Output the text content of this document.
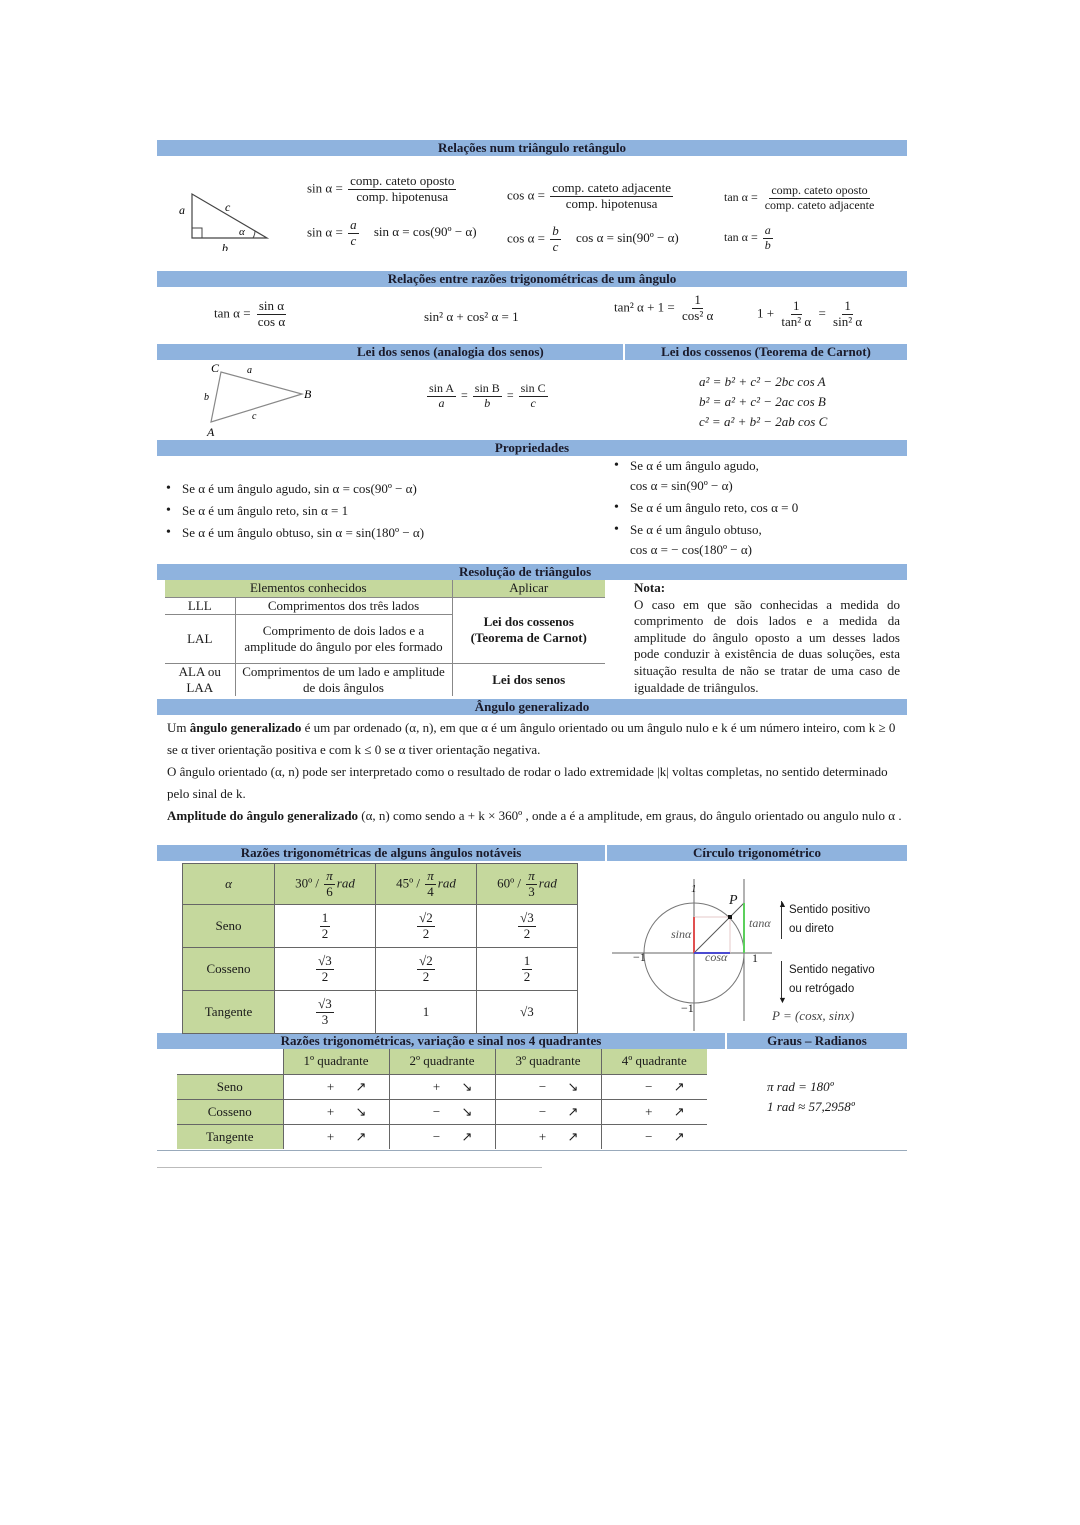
Relações num triângulo retângulo
a	c
b
α
$\sin \alpha = \frac{\text{comp. cateto oposto}}{\text{comp. hipotenusa}}$	$\cos \alpha = \frac{\text{comp. cateto adjacente}}{\text{comp. hipotenusa}}$	$\tan \alpha = \frac{\text{comp. cateto oposto}}{\text{comp. cateto adjacente}}$
$\sin \alpha = \frac{a}{c}$ sin α = cos(90º − α) $\cos \alpha = \frac{b}{c}$ cos α = sin(90º − α)	$\tan \alpha = \frac{a}{b}$
Relações entre razões trigonométricas de um ângulo
$\tan \alpha = \frac{\text{sin α}}{\text{cos α}}$	sin² α + cos² α = 1
tan² $\alpha + 1 = \frac{1}{\text{cos² α}}$	$1 + \frac{1}{\text{tan² α}} = \frac{1}{\text{sin² α}}$
Lei dos senos (analogia dos senos)	Lei dos cossenos (Teorema de Carnot)
C	a
b	B
c
A
$\frac{\text{sin A}}{a} = \frac{\text{sin B}}{b} = \frac{\text{sin C}}{c}$
a² = b² + c² − 2bc cos A
b² = a² + c² − 2ac cos B
c² = a² + b² − 2ab cos C
Propriedades
• Se α é um ângulo agudo, sin α = cos(90º − α)
• Se α é um ângulo reto, sin α = 1
• Se α é um ângulo obtuso, sin α = sin(180º − α)
• Se α é um ângulo agudo,
cos α = sin(90º − α)
• Se α é um ângulo reto, cos α = 0
• Se α é um ângulo obtuso,
cos α = − cos(180º − α)
Resolução de triângulos
Elementos conhecidos		Aplicar
LLL	Comprimentos dos três lados	Lei dos cossenos (Teorema de Carnot)
LAL	Comprimento de dois lados e a amplitude do ângulo por eles formado	
ALA ou LAA	Comprimentos de um lado e amplitude de dois ângulos	Lei dos senos
Nota:
O caso em que são conhecidas a medida do comprimento de dois lados e a medida da amplitude do ângulo oposto a um desses lados pode conduzir à existência de duas soluções, esta situação resulta de não se tratar de uma caso de igualdade de triângulos.
Ângulo generalizado

Um ângulo generalizado é um par ordenado (α, n), em que α é um ângulo orientado ou um ângulo nulo e k é um número inteiro, com k ≥ 0 se α tiver orientação positiva e com k ≤ 0 se α tiver orientação negativa.

O ângulo orientado (α, n) pode ser interpretado como o resultado de rodar o lado extremidade |k| voltas completas, no sentido determinado pelo sinal de k.

Amplitude do ângulo generalizado (α, n) como sendo a + k × 360º , onde a é a amplitude, em graus, do ângulo orientado ou angulo nulo α .

Razões trigonométricas de alguns ângulos notáveis	Círculo trigonométrico
α	30º / $\frac{\pi}{6}$ rad	45º / $\frac{\pi}{4}$ rad	60º / $\frac{\pi}{3}$ rad
Seno	$\frac{1}{2}$	$\frac{√2}{2}$	$\frac{√3}{2}$

Cosseno	$\frac{√3}{2}$	$\frac{√2}{2}$	$\frac{1}{2}$

Tangente	$\frac{√3}{3}$	1	√3
1
P
sinα
tanα
cosα
−1	1
−1
▲ Sentido positivo
ou direto
Sentido negativo
ou retrógado
▼
P = (cosx, sinx)
Razões trigonométricas, variação e sinal nos 4 quadrantes	Graus – Radianos
	1º quadrante	2º quadrante	3º quadrante	4º quadrante
Seno	+ ↗	+ ↘	− ↘	− ↗
Cosseno	+ ↘	− ↘	− ↗	+ ↗
Tangente	+ ↗	− ↗	+ ↗	− ↗
π rad = 180º
1 rad ≈ 57,2958º
